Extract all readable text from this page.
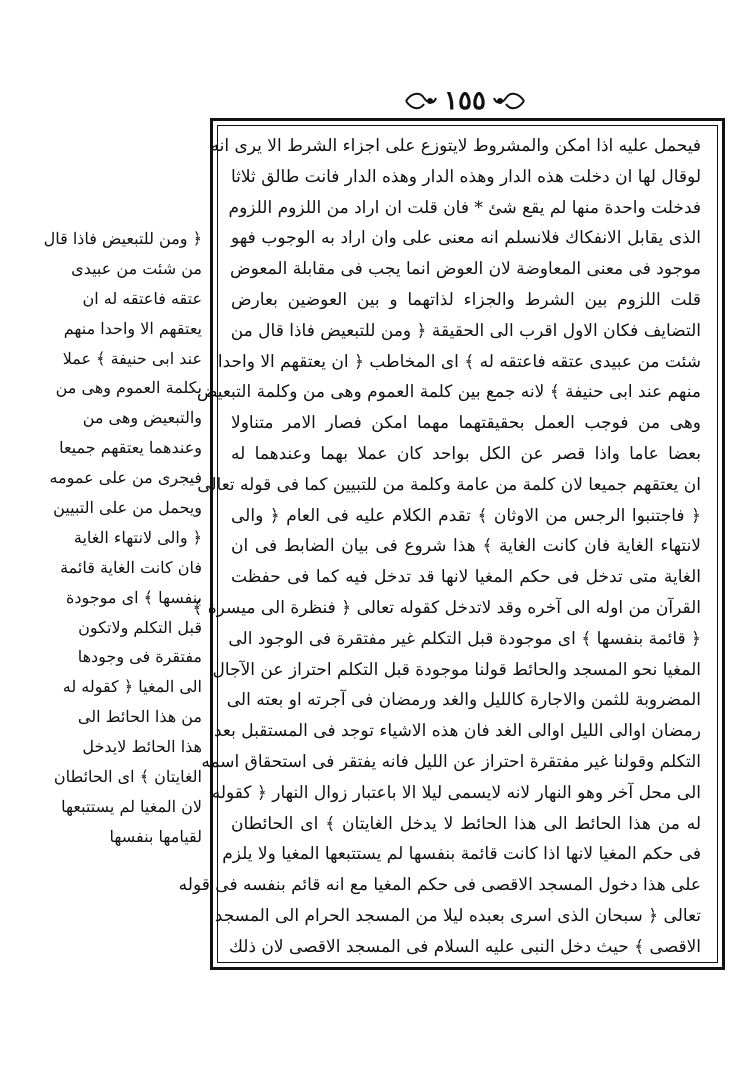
١٥٥
﴿ ومن للتبعيض فاذا قال
من شئت من عبيدى
عتقه فاعتقه له ان
يعتقهم الا واحدا منهم
عند ابى حنيفة ﴾ عملا
بكلمة العموم وهى من
والتبعيض وهى من
وعندهما يعتقهم جميعا
فيجرى من على عمومه
ويحمل من على التبيين
﴿ والى لانتهاء الغاية
فان كانت الغاية قائمة
بنفسها ﴾ اى موجودة
قبل التكلم ولاتكون
مفتقرة فى وجودها
الى المغيا ﴿ كقوله له
من هذا الحائط الى
هذا الحائط لايدخل
الغايتان ﴾ اى الحائطان
لان المغيا لم يستتبعها
لقيامها بنفسها
فيحمل عليه اذا امكن والمشروط لايتوزع على اجزاء الشرط الا يرى انه
لوقال لها ان دخلت هذه الدار وهذه الدار وهذه الدار فانت طالق ثلاثا
فدخلت واحدة منها لم يقع شئ * فان قلت ان اراد من اللزوم اللزوم
الذى يقابل الانفكاك فلانسلم انه معنى على وان اراد به الوجوب فهو
موجود فى معنى المعاوضة لان العوض انما يجب فى مقابلة المعوض
قلت اللزوم بين الشرط والجزاء لذاتهما و بين العوضين بعارض
التضايف فكان الاول اقرب الى الحقيقة ﴿ ومن للتبعيض فاذا قال من
شئت من عبيدى عتقه فاعتقه له ﴾ اى المخاطب ﴿ ان يعتقهم الا واحدا
منهم عند ابى حنيفة ﴾ لانه جمع بين كلمة العموم وهى من وكلمة التبعيض
وهى من فوجب العمل بحقيقتهما مهما امكن فصار الامر متناولا
بعضا عاما واذا قصر عن الكل بواحد كان عملا بهما وعندهما له
ان يعتقهم جميعا لان كلمة من عامة وكلمة من للتبيين كما فى قوله تعالى
﴿ فاجتنبوا الرجس من الاوثان ﴾ تقدم الكلام عليه فى العام ﴿ والى
لانتهاء الغاية فان كانت الغاية ﴾ هذا شروع فى بيان الضابط فى ان
الغاية متى تدخل فى حكم المغيا لانها قد تدخل فيه كما فى حفظت
القرآن من اوله الى آخره وقد لاتدخل كقوله تعالى ﴿ فنظرة الى ميسرة ﴾
﴿ قائمة بنفسها ﴾ اى موجودة قبل التكلم غير مفتقرة فى الوجود الى
المغيا نحو المسجد والحائط قولنا موجودة قبل التكلم احتراز عن الآجال
المضروبة للثمن والاجارة كالليل والغد ورمضان فى آجرته او بعته الى
رمضان اوالى الليل اوالى الغد فان هذه الاشياء توجد فى المستقبل بعد
التكلم وقولنا غير مفتقرة احتراز عن الليل فانه يفتقر فى استحقاق اسمه
الى محل آخر وهو النهار لانه لايسمى ليلا الا باعتبار زوال النهار ﴿ كقوله
له من هذا الحائط الى هذا الحائط لا يدخل الغايتان ﴾ اى الحائطان
فى حكم المغيا لانها اذا كانت قائمة بنفسها لم يستتبعها المغيا ولا يلزم
على هذا دخول المسجد الاقصى فى حكم المغيا مع انه قائم بنفسه فى قوله
تعالى ﴿ سبحان الذى اسرى بعبده ليلا من المسجد الحرام الى المسجد
الاقصى ﴾ حيث دخل النبى عليه السلام فى المسجد الاقصى لان ذلك
